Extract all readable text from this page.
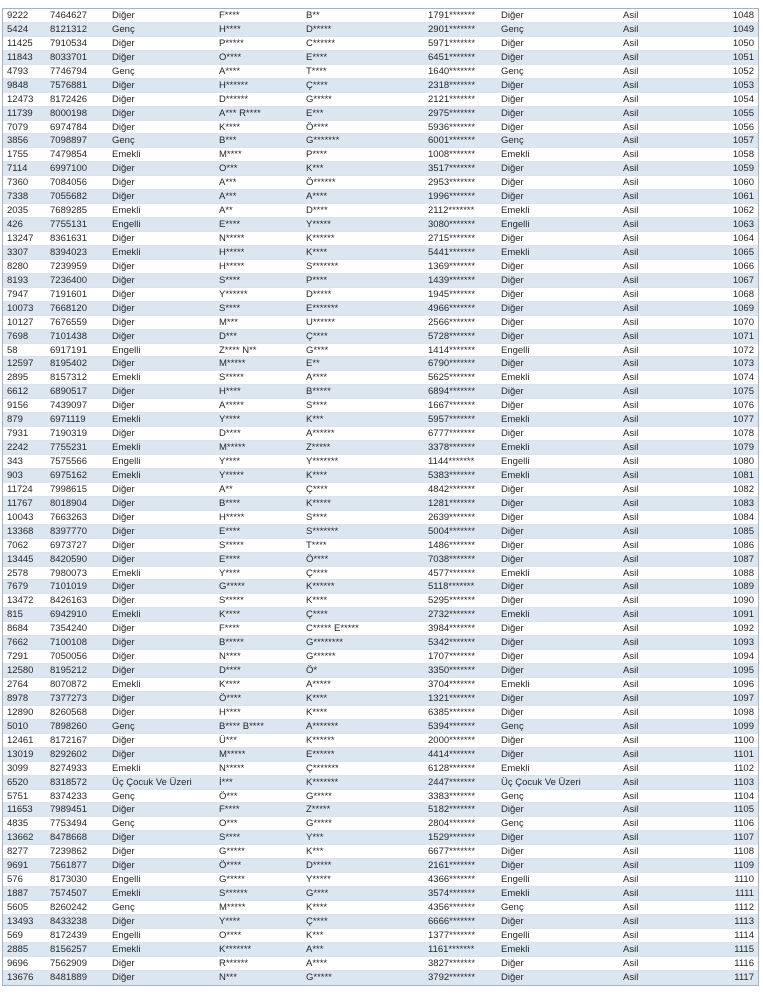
9222	7464627	Diğer	F****	B**	1791*******	Diğer	Asil	1048
5424	8121312	Genç	H****	D*****	2901*******	Genç	Asil	1049
11425	7910534	Diğer	P*****	C******	5971*******	Diğer	Asil	1050
11843	8033701	Diğer	O****	E****	6451*******	Diğer	Asil	1051
4793	7746794	Genç	A****	T****	1640*******	Genç	Asil	1052
9848	7576881	Diğer	H******	Ç****	2318*******	Diğer	Asil	1053
12473	8172426	Diğer	D******	G*****	2121*******	Diğer	Asil	1054
11739	8000198	Diğer	A*** R****	E***	2975*******	Diğer	Asil	1055
7079	6974784	Diğer	K****	Ö****	5936*******	Diğer	Asil	1056
3856	7098897	Genç	B***	G*******	6001*******	Genç	Asil	1057
1755	7479854	Emekli	M****	P****	1008*******	Emekli	Asil	1058
7114	6997100	Diğer	O***	K***	3517*******	Diğer	Asil	1059
7360	7084056	Diğer	A***	Ö******	2953*******	Diğer	Asil	1060
7338	7055682	Diğer	A***	A****	1996*******	Diğer	Asil	1061
2035	7689285	Emekli	A**	D****	2112*******	Emekli	Asil	1062
426	7755131	Engelli	E****	Y*****	3080*******	Engelli	Asil	1063
13247	8361631	Diğer	N*****	K******	2715*******	Diğer	Asil	1064
3307	8394023	Emekli	H*****	K****	5441*******	Emekli	Asil	1065
8280	7239959	Diğer	H*****	S*******	1369*******	Diğer	Asil	1066
8193	7236400	Diğer	S****	P****	1439*******	Diğer	Asil	1067
7947	7191601	Diğer	Y******	D*****	1945*******	Diğer	Asil	1068
10073	7668120	Diğer	S****	E*******	4966*******	Diğer	Asil	1069
10127	7676559	Diğer	M***	U******	2566*******	Diğer	Asil	1070
7698	7101438	Diğer	D***	Ç****	5728*******	Diğer	Asil	1071
58	6917191	Engelli	Z**** N**	G****	1414*******	Engelli	Asil	1072
12597	8195402	Diğer	M*****	E**	6790*******	Diğer	Asil	1073
2895	8157312	Emekli	S*****	A****	5625*******	Emekli	Asil	1074
6612	6890517	Diğer	H****	B*****	6894*******	Diğer	Asil	1075
9156	7439097	Diğer	A*****	S****	1667*******	Diğer	Asil	1076
879	6971119	Emekli	Y****	K***	5957*******	Emekli	Asil	1077
7931	7190319	Diğer	D****	A******	6777*******	Diğer	Asil	1078
2242	7755231	Emekli	M*****	Z*****	3378*******	Emekli	Asil	1079
343	7575566	Engelli	Y****	Y*******	1144*******	Engelli	Asil	1080
903	6975162	Emekli	Y*****	K****	5383*******	Emekli	Asil	1081
11724	7998615	Diğer	A**	Ç****	4842*******	Diğer	Asil	1082
11767	8018904	Diğer	B****	K*****	1281*******	Diğer	Asil	1083
10043	7663263	Diğer	H*****	S****	2639*******	Diğer	Asil	1084
13368	8397770	Diğer	E****	S*******	5004*******	Diğer	Asil	1085
7062	6973727	Diğer	S*****	T****	1486*******	Diğer	Asil	1086
13445	8420590	Diğer	E****	Ö****	7038*******	Diğer	Asil	1087
2578	7980073	Emekli	Y****	Ç****	4577*******	Emekli	Asil	1088
7679	7101019	Diğer	G*****	K******	5118*******	Diğer	Asil	1089
13472	8426163	Diğer	S*****	K****	5295*******	Diğer	Asil	1090
815	6942910	Emekli	K****	Ç****	2732*******	Emekli	Asil	1091
8684	7354240	Diğer	F****	C***** E*****	3984*******	Diğer	Asil	1092
7662	7100108	Diğer	B*****	G********	5342*******	Diğer	Asil	1093
7291	7050056	Diğer	N****	G******	1707*******	Diğer	Asil	1094
12580	8195212	Diğer	D****	Ö*	3350*******	Diğer	Asil	1095
2764	8070872	Emekli	K****	A*****	3704*******	Emekli	Asil	1096
8978	7377273	Diğer	Ö****	K****	1321*******	Diğer	Asil	1097
12890	8260568	Diğer	H****	K****	6385*******	Diğer	Asil	1098
5010	7898260	Genç	B**** B****	A*******	5394*******	Genç	Asil	1099
12461	8172167	Diğer	Ü***	K******	2000*******	Diğer	Asil	1100
13019	8292602	Diğer	M*****	E******	4414*******	Diğer	Asil	1101
3099	8274933	Emekli	N*****	Ç*******	6128*******	Emekli	Asil	1102
6520	8318572	Üç Çocuk Ve Üzeri	İ***	K*******	2447*******	Üç Çocuk Ve Üzeri	Asil	1103
5751	8374233	Genç	Ö***	G*****	3383*******	Genç	Asil	1104
11653	7989451	Diğer	F****	Z*****	5182*******	Diğer	Asil	1105
4835	7753494	Genç	O***	G*****	2804*******	Genç	Asil	1106
13662	8478668	Diğer	S****	Y***	1529*******	Diğer	Asil	1107
8277	7239862	Diğer	G*****	K***	6677*******	Diğer	Asil	1108
9691	7561877	Diğer	Ö****	D*****	2161*******	Diğer	Asil	1109
576	8173030	Engelli	G*****	Y*****	4366*******	Engelli	Asil	1110
1887	7574507	Emekli	S******	G****	3574*******	Emekli	Asil	1111
5605	8260242	Genç	M*****	K****	4356*******	Genç	Asil	1112
13493	8433238	Diğer	Y****	Ç****	6666*******	Diğer	Asil	1113
569	8172439	Engelli	O****	K***	1377*******	Engelli	Asil	1114
2885	8156257	Emekli	K*******	A***	1161*******	Emekli	Asil	1115
9696	7562909	Diğer	R******	A****	3827*******	Diğer	Asil	1116
13676	8481889	Diğer	N***	G*****	3792*******	Diğer	Asil	1117
